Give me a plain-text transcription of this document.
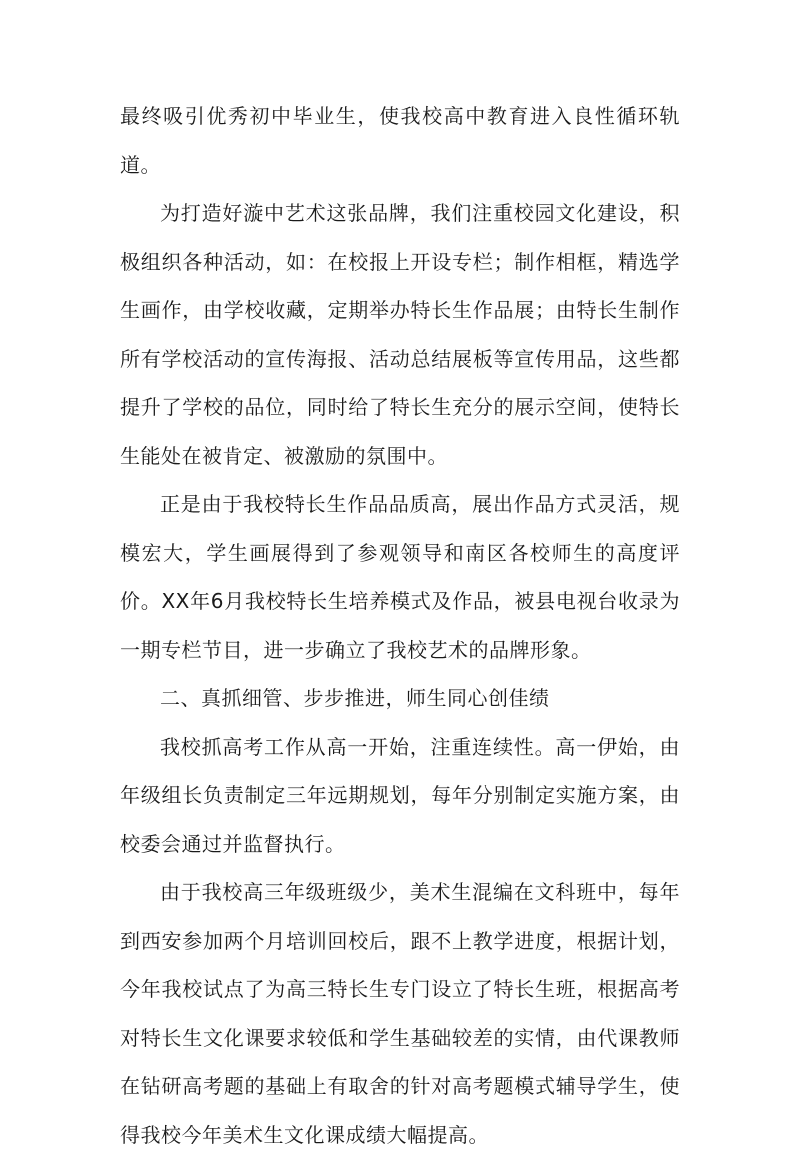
最终吸引优秀初中毕业生，使我校高中教育进入良性循环轨道。

为打造好漩中艺术这张品牌，我们注重校园文化建设，积极组织各种活动，如：在校报上开设专栏；制作相框，精选学生画作，由学校收藏，定期举办特长生作品展；由特长生制作所有学校活动的宣传海报、活动总结展板等宣传用品，这些都提升了学校的品位，同时给了特长生充分的展示空间，使特长生能处在被肯定、被激励的氛围中。

正是由于我校特长生作品品质高，展出作品方式灵活，规模宏大，学生画展得到了参观领导和南区各校师生的高度评价。XX年6月我校特长生培养模式及作品，被县电视台收录为一期专栏节目，进一步确立了我校艺术的品牌形象。

二、真抓细管、步步推进，师生同心创佳绩

我校抓高考工作从高一开始，注重连续性。高一伊始，由年级组长负责制定三年远期规划，每年分别制定实施方案，由校委会通过并监督执行。

由于我校高三年级班级少，美术生混编在文科班中，每年到西安参加两个月培训回校后，跟不上教学进度，根据计划，今年我校试点了为高三特长生专门设立了特长生班，根据高考对特长生文化课要求较低和学生基础较差的实情，由代课教师在钻研高考题的基础上有取舍的针对高考题模式辅导学生，使得我校今年美术生文化课成绩大幅提高。
